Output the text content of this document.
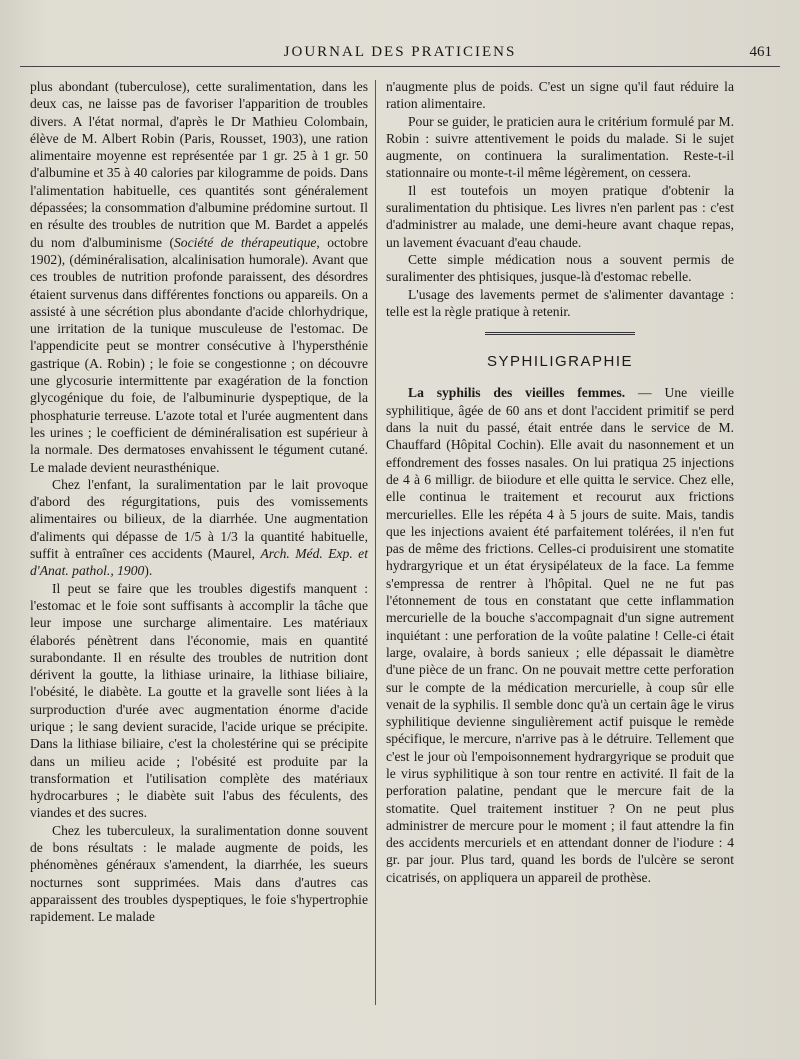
JOURNAL DES PRATICIENS	461

plus abondant (tuberculose), cette suralimentation, dans les deux cas, ne laisse pas de favoriser l'apparition de troubles divers. A l'état normal, d'après le Dr Mathieu Colombain, élève de M. Albert Robin (Paris, Rousset, 1903), une ration alimentaire moyenne est représentée par 1 gr. 25 à 1 gr. 50 d'albumine et 35 à 40 calories par kilogramme de poids. Dans l'alimentation habituelle, ces quantités sont généralement dépassées; la consommation d'albumine prédomine surtout. Il en résulte des troubles de nutrition que M. Bardet a appelés du nom d'albuminisme (Société de thérapeutique, octobre 1902), (déminéralisation, alcalinisation humorale). Avant que ces troubles de nutrition profonde paraissent, des désordres étaient survenus dans différentes fonctions ou appareils. On a assisté à une sécrétion plus abondante d'acide chlorhydrique, une irritation de la tunique musculeuse de l'estomac. De l'appendicite peut se montrer consécutive à l'hypersthénie gastrique (A. Robin) ; le foie se congestionne ; on découvre une glycosurie intermittente par exagération de la fonction glycogénique du foie, de l'albuminurie dyspeptique, de la phosphaturie terreuse. L'azote total et l'urée augmentent dans les urines ; le coefficient de déminéralisation est supérieur à la normale. Des dermatoses envahissent le tégument cutané. Le malade devient neurasthénique.

Chez l'enfant, la suralimentation par le lait provoque d'abord des régurgitations, puis des vomissements alimentaires ou bilieux, de la diarrhée. Une augmentation d'aliments qui dépasse de 1/5 à 1/3 la quantité habituelle, suffit à entraîner ces accidents (Maurel, Arch. Méd. Exp. et d'Anat. pathol., 1900).

Il peut se faire que les troubles digestifs manquent : l'estomac et le foie sont suffisants à accomplir la tâche que leur impose une surcharge alimentaire. Les matériaux élaborés pénètrent dans l'économie, mais en quantité surabondante. Il en résulte des troubles de nutrition dont dérivent la goutte, la lithiase urinaire, la lithiase biliaire, l'obésité, le diabète. La goutte et la gravelle sont liées à la surproduction d'urée avec augmentation énorme d'acide urique ; le sang devient suracide, l'acide urique se précipite. Dans la lithiase biliaire, c'est la cholestérine qui se précipite dans un milieu acide ; l'obésité est produite par la transformation et l'utilisation complète des matériaux hydrocarbures ; le diabète suit l'abus des féculents, des viandes et des sucres.

Chez les tuberculeux, la suralimentation donne souvent de bons résultats : le malade augmente de poids, les phénomènes généraux s'amendent, la diarrhée, les sueurs nocturnes sont supprimées. Mais dans d'autres cas apparaissent des troubles dyspeptiques, le foie s'hypertrophie rapidement. Le malade

n'augmente plus de poids. C'est un signe qu'il faut réduire la ration alimentaire.

Pour se guider, le praticien aura le critérium formulé par M. Robin : suivre attentivement le poids du malade. Si le sujet augmente, on continuera la suralimentation. Reste-t-il stationnaire ou monte-t-il même légèrement, on cessera.

Il est toutefois un moyen pratique d'obtenir la suralimentation du phtisique. Les livres n'en parlent pas : c'est d'administrer au malade, une demi-heure avant chaque repas, un lavement évacuant d'eau chaude.

Cette simple médication nous a souvent permis de suralimenter des phtisiques, jusque-là d'estomac rebelle.

L'usage des lavements permet de s'alimenter davantage : telle est la règle pratique à retenir.

SYPHILIGRAPHIE

La syphilis des vieilles femmes. — Une vieille syphilitique, âgée de 60 ans et dont l'accident primitif se perd dans la nuit du passé, était entrée dans le service de M. Chauffard (Hôpital Cochin). Elle avait du nasonnement et un effondrement des fosses nasales. On lui pratiqua 25 injections de 4 à 6 milligr. de biiodure et elle quitta le service. Chez elle, elle continua le traitement et recourut aux frictions mercurielles. Elle les répéta 4 à 5 jours de suite. Mais, tandis que les injections avaient été parfaitement tolérées, il n'en fut pas de même des frictions. Celles-ci produisirent une stomatite hydrargyrique et un état érysipélateux de la face. La femme s'empressa de rentrer à l'hôpital. Quel ne ne fut pas l'étonnement de tous en constatant que cette inflammation mercurielle de la bouche s'accompagnait d'un signe autrement inquiétant : une perforation de la voûte palatine ! Celle-ci était large, ovalaire, à bords sanieux ; elle dépassait le diamètre d'une pièce de un franc. On ne pouvait mettre cette perforation sur le compte de la médication mercurielle, à coup sûr elle venait de la syphilis. Il semble donc qu'à un certain âge le virus syphilitique devienne singulièrement actif puisque le remède spécifique, le mercure, n'arrive pas à le détruire. Tellement que c'est le jour où l'empoisonnement hydrargyrique se produit que le virus syphilitique à son tour rentre en activité. Il fait de la perforation palatine, pendant que le mercure fait de la stomatite. Quel traitement instituer ? On ne peut plus administrer de mercure pour le moment ; il faut attendre la fin des accidents mercuriels et en attendant donner de l'iodure : 4 gr. par jour. Plus tard, quand les bords de l'ulcère se seront cicatrisés, on appliquera un appareil de prothèse.
